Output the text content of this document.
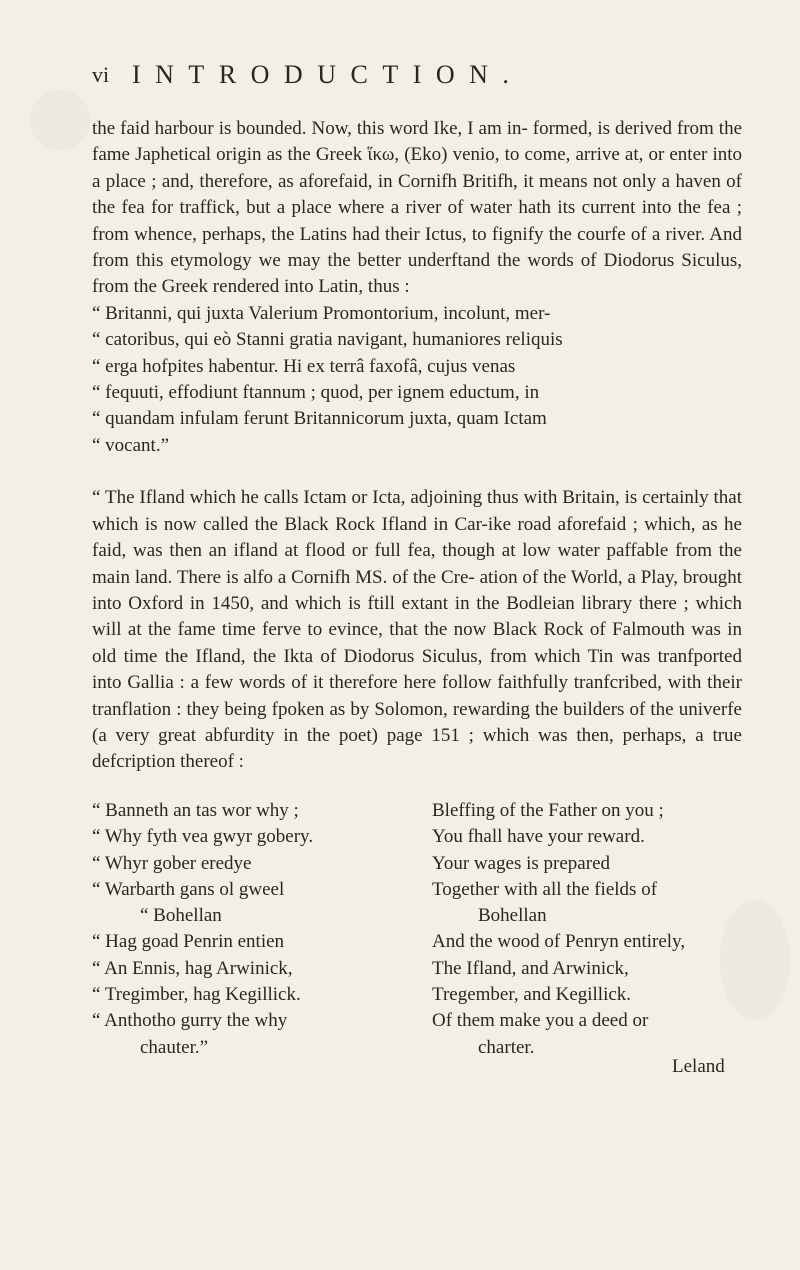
vi INTRODUCTION.

the faid harbour is bounded. Now, this word Ike, I am in- formed, is derived from the fame Japhetical origin as the Greek ἵκω, (Eko) venio, to come, arrive at, or enter into a place ; and, therefore, as aforefaid, in Cornifh Britifh, it means not only a haven of the fea for traffick, but a place where a river of water hath its current into the fea ; from whence, perhaps, the Latins had their Ictus, to fignify the courfe of a river. And from this etymology we may the better underftand the words of Diodorus Siculus, from the Greek rendered into Latin, thus :

“ Britanni, qui juxta Valerium Promontorium, incolunt, mer-
“ catoribus, qui eò Stanni gratia navigant, humaniores reliquis
“ erga hofpites habentur. Hi ex terrâ faxofâ, cujus venas
“ fequuti, effodiunt ftannum ; quod, per ignem eductum, in
“ quandam infulam ferunt Britannicorum juxta, quam Ictam
“ vocant.”

“ The Ifland which he calls Ictam or Icta, adjoining thus with Britain, is certainly that which is now called the Black Rock Ifland in Car-ike road aforefaid ; which, as he faid, was then an ifland at flood or full fea, though at low water paffable from the main land. There is alfo a Cornifh MS. of the Cre- ation of the World, a Play, brought into Oxford in 1450, and which is ftill extant in the Bodleian library there ; which will at the fame time ferve to evince, that the now Black Rock of Falmouth was in old time the Ifland, the Ikta of Diodorus Siculus, from which Tin was tranfported into Gallia : a few words of it therefore here follow faithfully tranfcribed, with their tranflation : they being fpoken as by Solomon, rewarding the builders of the univerfe (a very great abfurdity in the poet) page 151 ; which was then, perhaps, a true defcription thereof :

“ Banneth an tas wor why ;
“ Why fyth vea gwyr gobery.
“ Whyr gober eredye
“ Warbarth gans ol gweel
“ Bohellan
“ Hag goad Penrin entien
“ An Ennis, hag Arwinick,
“ Tregimber, hag Kegillick.
“ Anthotho gurry the why
chauter.”
Bleffing of the Father on you ;
You fhall have your reward.
Your wages is prepared
Together with all the fields of
Bohellan
And the wood of Penryn entirely,
The Ifland, and Arwinick,
Tregember, and Kegillick.
Of them make you a deed or
charter.
Leland
